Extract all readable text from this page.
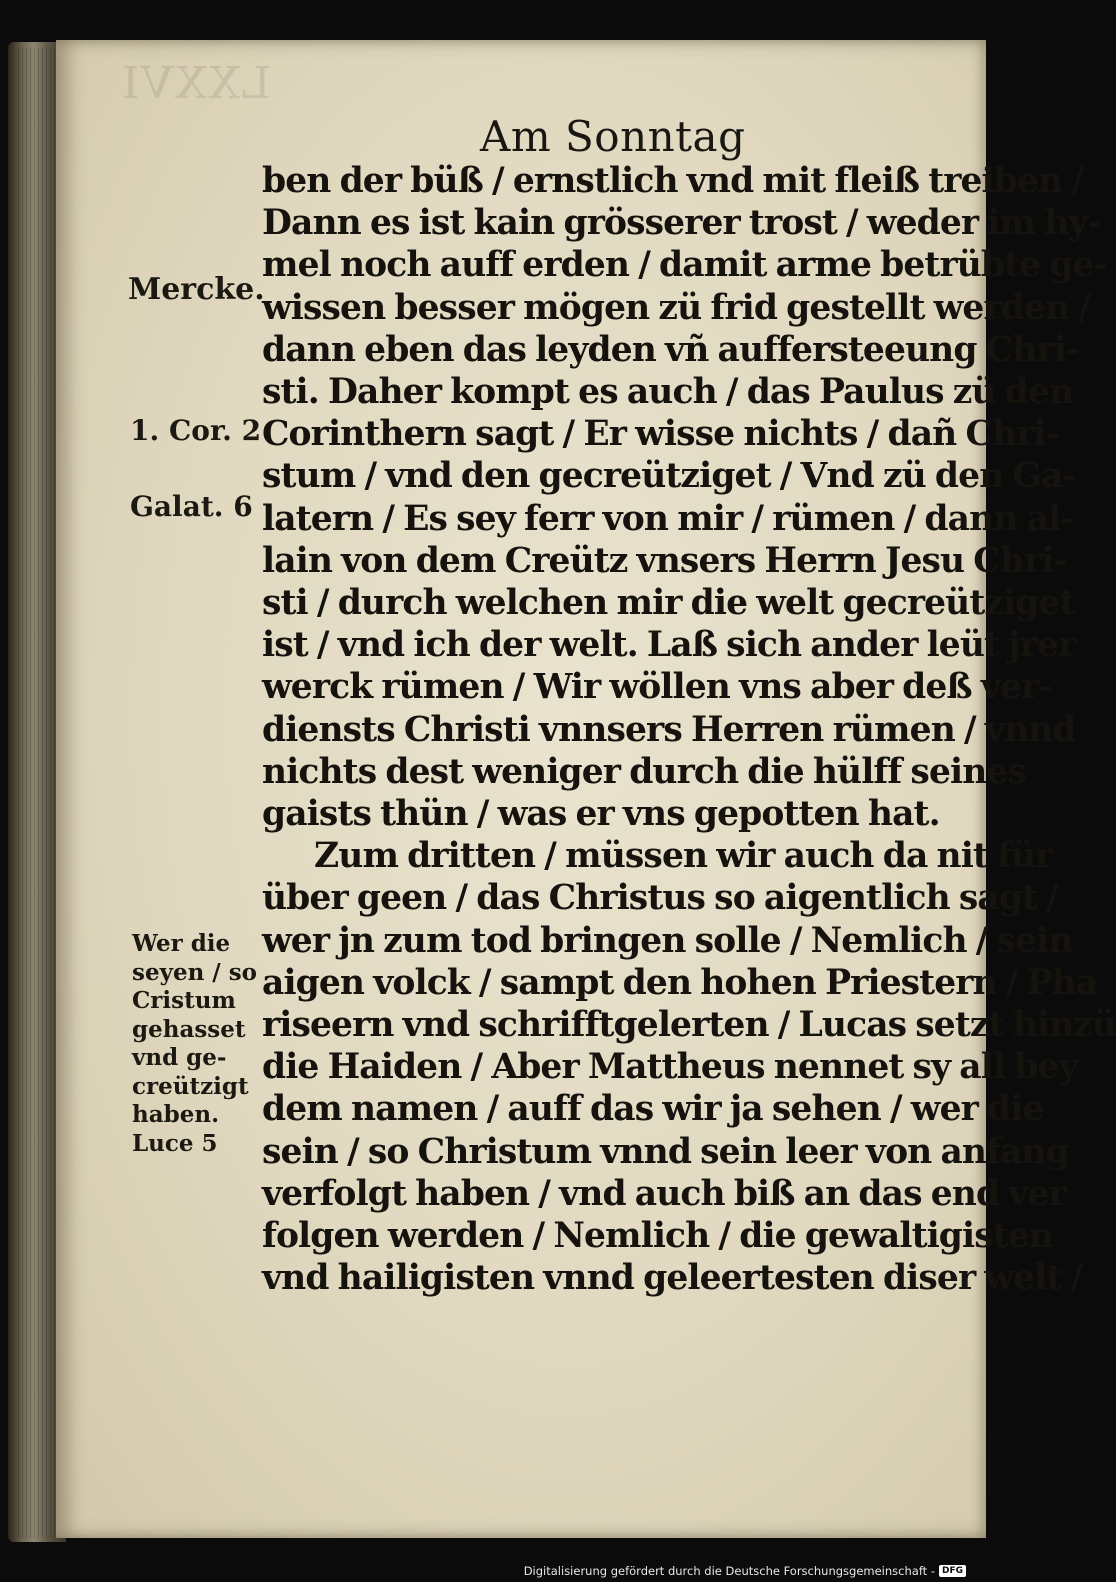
LXXVI
Am Sonntag
ben der büß / ernstlich vnd mit fleiß treiben /
Dann es ist kain grösserer trost / weder im hy-
mel noch auff erden / damit arme betrübte ge-
wissen besser mögen zü frid gestellt werden /
dann eben das leyden vñ aufferstееung Chri-
sti. Daher kompt es auch / das Paulus zü den
Corinthern sagt / Er wisse nichts / dañ Chri-
stum / vnd den gecreütziget / Vnd zü den Ga-
latern / Es sey ferr von mir / rümen / dann al-
lain von dem Creütz vnsers Herrn Jesu Chri-
sti / durch welchen mir die welt gecreütziget
ist / vnd ich der welt. Laß sich ander leüt jrer
werck rümen / Wir wöllen vns aber deß ver-
diensts Christi vnnsers Herren rümen / vnnd
nichts dest weniger durch die hülff seines
gaists thün / was er vns gepotten hat.
Zum dritten / müssen wir auch da nit für
über geen / das Christus so aigentlich sagt /
wer jn zum tod bringen solle / Nemlich / sein
aigen volck / sampt den hohen Priestern / Pha
riseern vnd schrifftgelerten / Lucas setzt hinzü
die Haiden / Aber Mattheus nennet sy all bey
dem namen / auff das wir ja sehen / wer die
sein / so Christum vnnd sein leer von anfang
verfolgt haben / vnd auch biß an das end ver
folgen werden / Nemlich / die gewaltigisten
vnd hailigisten vnnd geleertesten diser welt /
Mercke.
1. Cor. 2
Galat. 6
Wer die
seyen / so
Cristum
gehasset
vnd ge-
creützigt
haben.
Luce 5
Digitalisierung gefördert durch die Deutsche Forschungsgemeinschaft - DFG
